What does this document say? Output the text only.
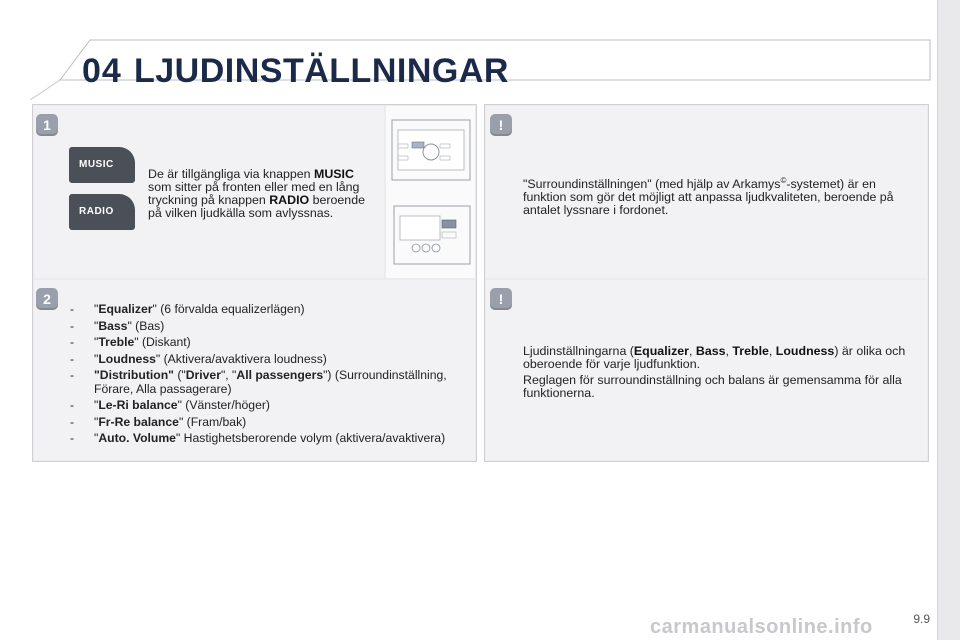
04 LJUDINSTÄLLNINGAR
1
MUSIC
RADIO
De är tillgängliga via knappen MUSIC som sitter på fronten eller med en lång tryckning på knappen RADIO beroende på vilken ljudkälla som avlyssnas.
2
- "Equalizer" (6 förvalda equalizerlägen)
- "Bass" (Bas)
- "Treble" (Diskant)
- "Loudness" (Aktivera/avaktivera loudness)
- "Distribution" ("Driver", "All passengers") (Surroundinställning, Förare, Alla passagerare)
- "Le-Ri balance" (Vänster/höger)
- "Fr-Re balance" (Fram/bak)
- "Auto. Volume" Hastighetsberorende volym (aktivera/avaktivera)
!
"Surroundinställningen" (med hjälp av Arkamys©-systemet) är en funktion som gör det möjligt att anpassa ljudkvaliteten, beroende på antalet lyssnare i fordonet.
!
Ljudinställningarna (Equalizer, Bass, Treble, Loudness) är olika och oberoende för varje ljudfunktion.
Reglagen för surroundinställning och balans är gemensamma för alla funktionerna.
carmanualsonline.info	9.9
